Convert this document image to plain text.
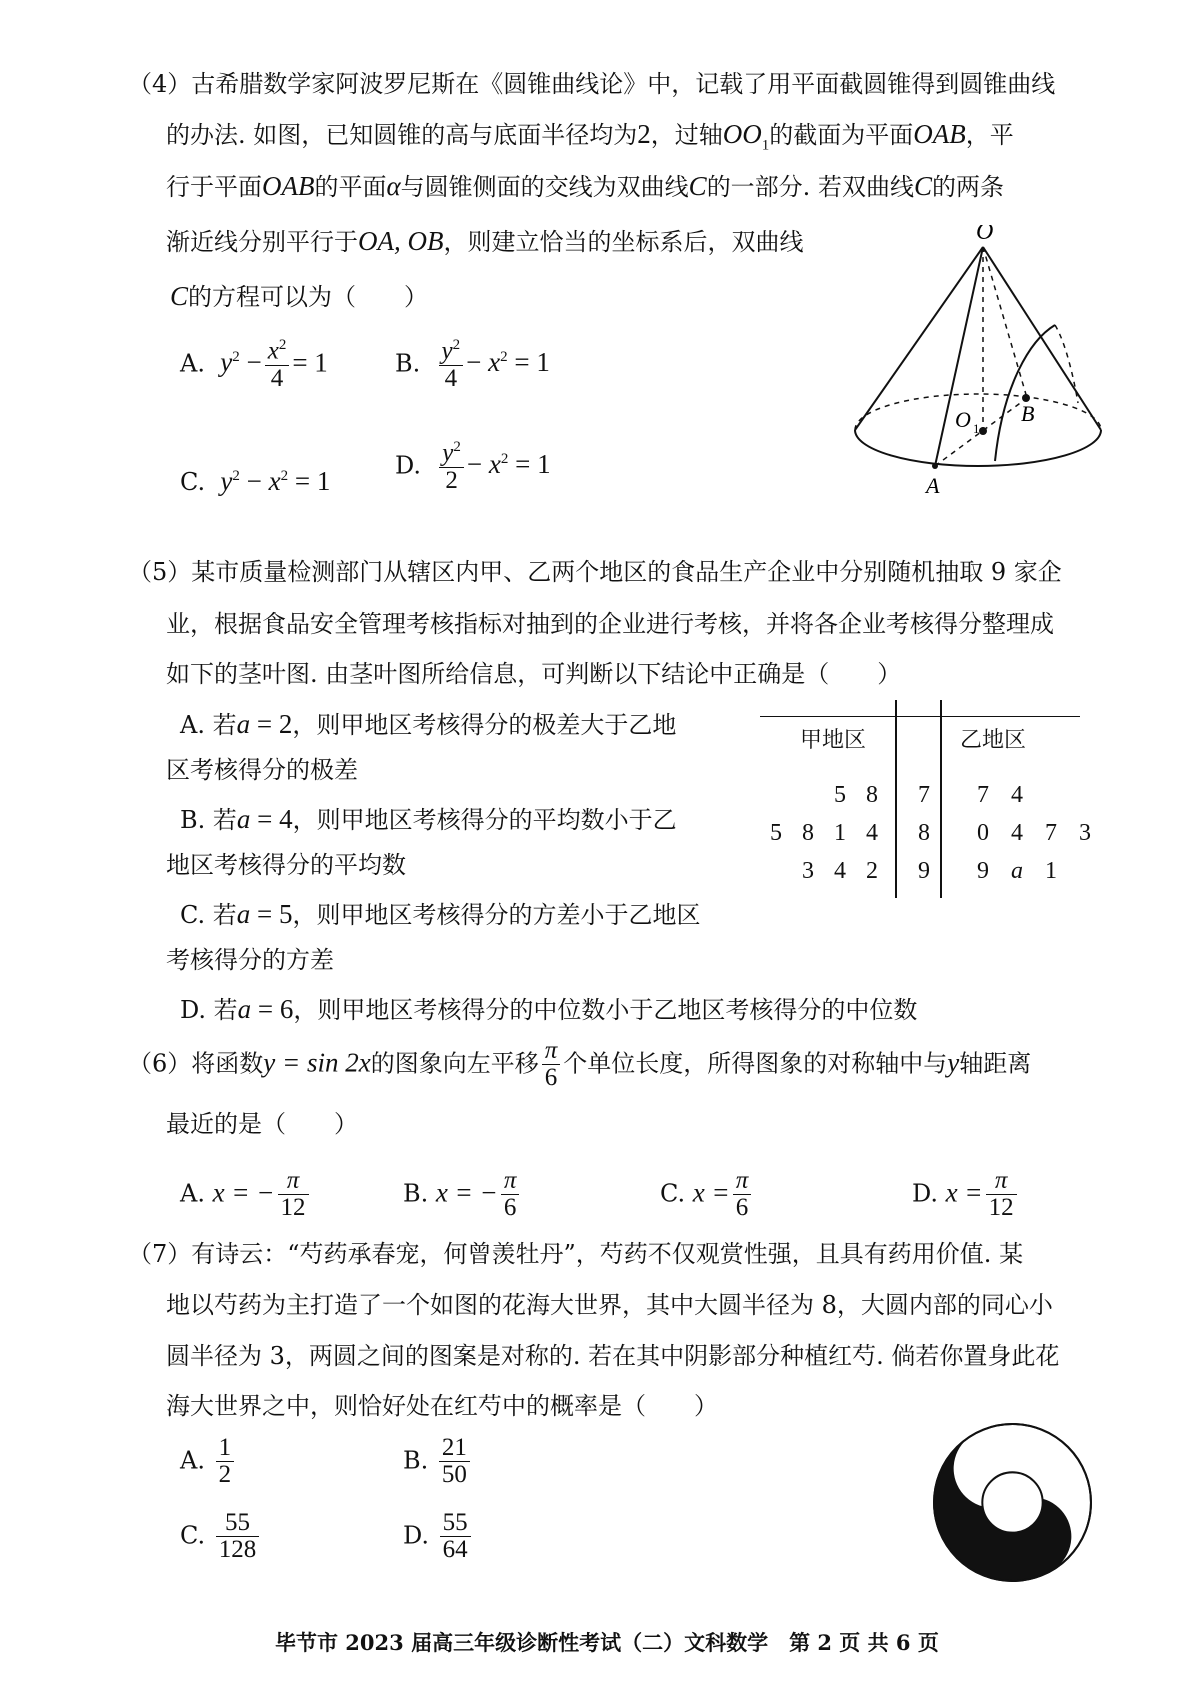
（4）古希腊数学家阿波罗尼斯在《圆锥曲线论》中，记载了用平面截圆锥得到圆锥曲线
的办法. 如图，已知圆锥的高与底面半径均为2，过轴$OO_1$的截面为平面OAB，平
行于平面OAB的平面α与圆锥侧面的交线为双曲线C的一部分. 若双曲线C的两条
渐近线分别平行于OA, OB，则建立恰当的坐标系后，双曲线
C的方程可以为（　　）
A. $y^2 - \frac{x^2}{4} = 1$	B. $\frac{y^2}{4} - x^2 = 1$
C. $y^2 - x^2 = 1$
D. $\frac{y^2}{2} - x^2 = 1$
O
O 1
B
A
（5）某市质量检测部门从辖区内甲、乙两个地区的食品生产企业中分别随机抽取 9 家企
业，根据食品安全管理考核指标对抽到的企业进行考核，并将各企业考核得分整理成
如下的茎叶图. 由茎叶图所给信息，可判断以下结论中正确是（　　）
A. 若a = 2，则甲地区考核得分的极差大于乙地
区考核得分的极差
B. 若a = 4，则甲地区考核得分的平均数小于乙
地区考核得分的平均数
C. 若a = 5，则甲地区考核得分的方差小于乙地区
考核得分的方差
D. 若a = 6，则甲地区考核得分的中位数小于乙地区考核得分的中位数
甲地区	乙地区
5 8	7	7 4
5 8 1 4	8	0 4 7 3
3 4 2	9	9 a 1
（6）将函数y = sin 2x的图象向左平移 $\frac{\pi}{6}$ 个单位长度，所得图象的对称轴中与y轴距离
最近的是（　　）
A. x = − $\frac{\pi}{12}$	B. x = − $\frac{\pi}{6}$	C. $x = \frac{\pi}{6}$	D. $x = \frac{\pi}{12}$
（7）有诗云：“芍药承春宠，何曾羡牡丹”，芍药不仅观赏性强，且具有药用价值. 某
地以芍药为主打造了一个如图的花海大世界，其中大圆半径为 8，大圆内部的同心小
圆半径为 3，两圆之间的图案是对称的. 若在其中阴影部分种植红芍. 倘若你置身此花
海大世界之中，则恰好处在红芍中的概率是（　　）
A. $\frac{1}{2}$	B. $\frac{21}{50}$
C. $\frac{55}{128}$	D. $\frac{55}{64}$
毕节市 2023 届高三年级诊断性考试（二）文科数学　第 2 页 共 6 页
